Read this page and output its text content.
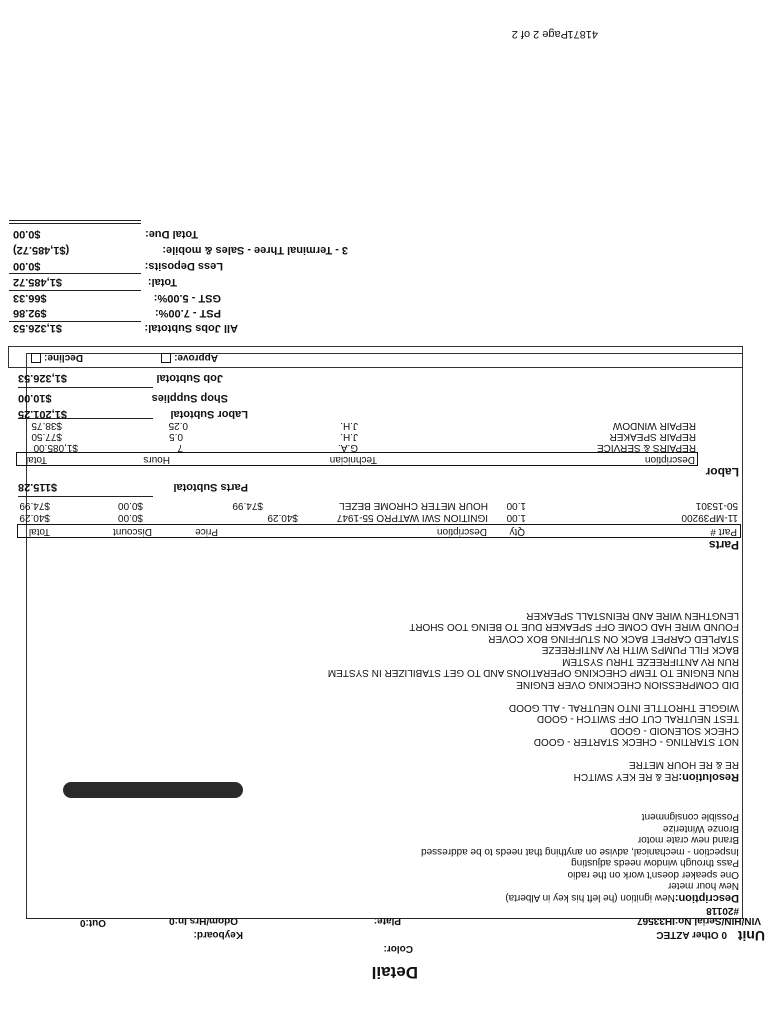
Page 2 of 2 41871
Detail
Unit
0 Other AZTEC
Color:
Keyboard:
VIN/HIN/Serial No:IH33567
Plate:
Odom/Hrs In:0
Out:0
#20118
Description:New ignition (he left his key in Alberta)
New hour meter
One speaker doesn't work on the radio
Pass through window needs adjusting
Inspection - mechanical, advise on anything that needs to be addressed
Brand new crate motor
Bronze Winterize
Possible consignment
Resolution:RE & RE KEY SWITCH
RE & RE HOUR METRE

NOT STARTING - CHECK STARTER - GOOD
CHECK SOLENOID - GOOD
TEST NEUTRAL CUT OFF SWITCH - GOOD
WIGGLE THROTTLE INTO NEUTRAL - ALL GOOD

DID COMPRESSION CHECKING OVER ENGINE
RUN ENGINE TO TEMP CHECKING OPERATIONS AND TO GET STABILIZER IN SYSTEM
RUN RV ANTIFREEZE THRU SYSTEM
BACK FILL PUMPS WITH RV ANTIFREEZE
STAPLED CARPET BACK ON STUFFING BOX COVER
FOUND WIRE HAD COME OFF SPEAKER DUE TO BEING TOO SHORT
LENGTHEN WIRE AND REINSTALL SPEAKER
Parts
Part #
Qty
Description
Price
Discount
Total
11-MP39200
1.00
IGNITION SWI WATPRO 55-1947
$40.29
$0.00
$40.29
50-15301
1.00
HOUR METER CHROME BEZEL
$74.99
$0.00
$74.99
Parts Subtotal
$115.28
Labor
Description
Technician
Hours
Total
REPAIRS & SERVICE
G.A.
7
$1,085.00
REPAIR SPEAKER
J.H.
0.5
$77.50
REPAIR WINDOW
J.H.
0.25
$38.75
Labor Subtotal
$1,201.25
Shop Supplies
$10.00
Job Subtotal
$1,326.53
Approve:
Decline:
All Jobs Subtotal:
$1,326.53
PST - 7.00%:
$92.86
GST - 5.00%:
$66.33
Total:
$1,485.72
Less Deposits:
$0.00
3 - Terminal Three - Sales & mobile:
($1,485.72)
Total Due:
$0.00
